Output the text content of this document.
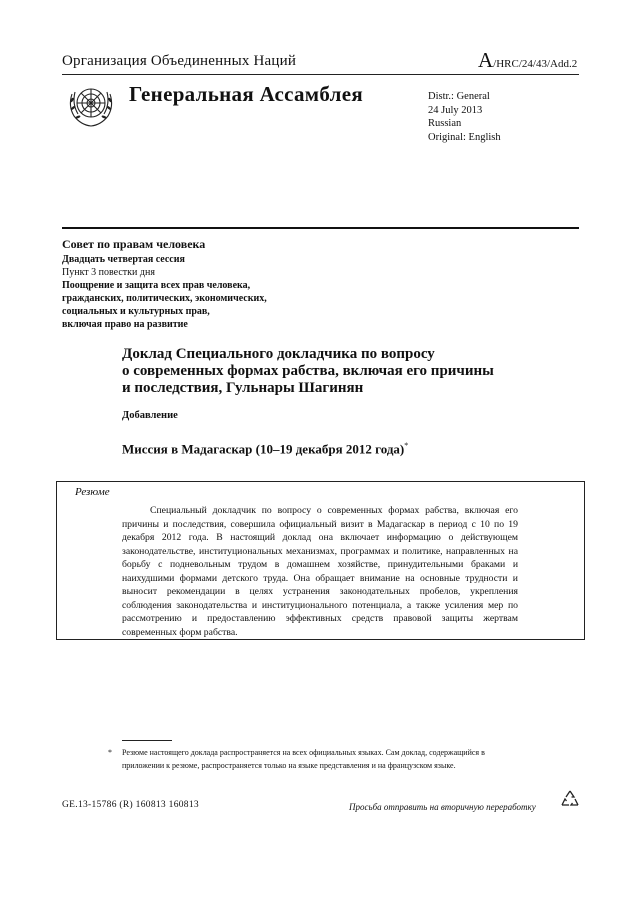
Организация Объединенных Наций	A/HRC/24/43/Add.2
Генеральная Ассамблея	Distr.: General
24 July 2013
Russian
Original: English
Совет по правам человека
Двадцать четвертая сессия
Пункт 3 повестки дня
Поощрение и защита всех прав человека,
гражданских, политических, экономических,
социальных и культурных прав,
включая право на развитие
Доклад Специального докладчика по вопросу
о современных формах рабства, включая его причины
и последствия, Гульнары Шагинян
Добавление
Миссия в Мадагаскар (10–19 декабря 2012 года)*
Резюме
Специальный докладчик по вопросу о современных формах рабства, включая его причины и последствия, совершила официальный визит в Мадагаскар в период с 10 по 19 декабря 2012 года. В настоящий доклад она включает информацию о действующем законодательстве, институциональных механизмах, программах и политике, направленных на борьбу с подневольным трудом в домашнем хозяйстве, принудительными браками и наихудшими формами детского труда. Она обращает внимание на основные трудности и выносит рекомендации в целях устранения законодательных пробелов, укрепления соблюдения законодательства и институционального потенциала, а также усиления мер по рассмотрению и предоставлению эффективных средств правовой защиты жертвам современных форм рабства.
* Резюме настоящего доклада распространяется на всех официальных языках. Сам доклад, содержащийся в приложении к резюме, распространяется только на языке представления и на французском языке.
GE.13-15786 (R) 160813 160813	Просьба отправить на вторичную переработку
